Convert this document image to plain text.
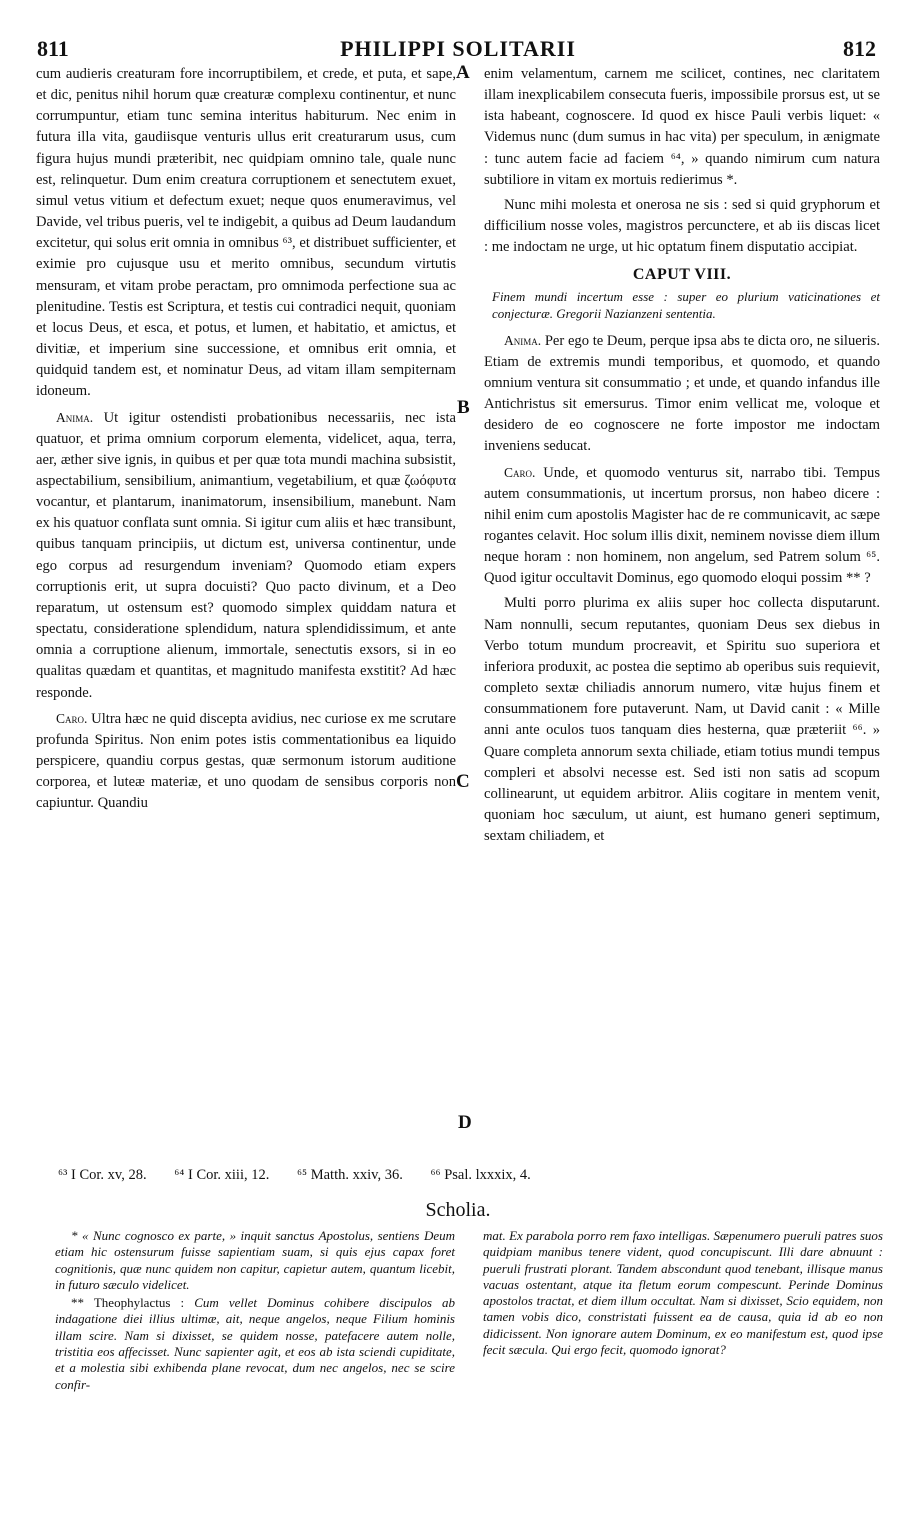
811	PHILIPPI SOLITARII	812
A
B
C
D

cum audieris creaturam fore incorruptibilem, et crede, et puta, et sape, et dic, penitus nihil horum quæ creaturæ complexu continentur, et nunc corrumpuntur, etiam tunc semina interitus habiturum. Nec enim in futura illa vita, gaudiisque venturis ullus erit creaturarum usus, cum figura hujus mundi præteribit, nec quidpiam omnino tale, quale nunc est, relinquetur. Dum enim creatura corruptionem et senectutem exuet, simul vetus vitium et defectum exuet; neque quos enumeravimus, vel Davide, vel tribus pueris, vel te indigebit, a quibus ad Deum laudandum excitetur, qui solus erit omnia in omnibus ⁶³, et distribuet sufficienter, et eximie pro cujusque usu et merito omnibus, secundum virtutis mensuram, et vitam probe peractam, pro omnimoda perfectione sua ac plenitudine. Testis est Scriptura, et testis cui contradici nequit, quoniam et locus Deus, et esca, et potus, et lumen, et habitatio, et amictus, et divitiæ, et imperium sine successione, et omnibus erit omnia, et quidquid tandem est, et nominatur Deus, ad vitam illam sempiternam idoneum.

Anima. Ut igitur ostendisti probationibus necessariis, nec ista quatuor, et prima omnium corporum elementa, videlicet, aqua, terra, aer, æther sive ignis, in quibus et per quæ tota mundi machina subsistit, aspectabilium, sensibilium, animantium, vegetabilium, et quæ ζωόφυτα vocantur, et plantarum, inanimatorum, insensibilium, manebunt. Nam ex his quatuor conflata sunt omnia. Si igitur cum aliis et hæc transibunt, quibus tanquam principiis, ut dictum est, universa continentur, unde ego corpus ad resurgendum inveniam? Quomodo etiam expers corruptionis erit, ut supra docuisti? Quo pacto divinum, et a Deo reparatum, ut ostensum est? quomodo simplex quiddam natura et spectatu, consideratione splendidum, natura splendidissimum, et ante omnia a corruptione alienum, immortale, senectutis exsors, si in eo qualitas quædam et quantitas, et magnitudo manifesta exstitit? Ad hæc responde.

Caro. Ultra hæc ne quid discepta avidius, nec curiose ex me scrutare profunda Spiritus. Non enim potes istis commentationibus ea liquido perspicere, quandiu corpus gestas, quæ sermonum istorum auditione corporea, et luteæ materiæ, et uno quodam de sensibus corporis non capiuntur. Quandiu

enim velamentum, carnem me scilicet, contines, nec claritatem illam inexplicabilem consecuta fueris, impossibile prorsus est, ut se ista habeant, cognoscere. Id quod ex hisce Pauli verbis liquet: « Videmus nunc (dum sumus in hac vita) per speculum, in ænigmate : tunc autem facie ad faciem ⁶⁴, » quando nimirum cum natura subtiliore in vitam ex mortuis redierimus *.

Nunc mihi molesta et onerosa ne sis : sed si quid gryphorum et difficilium nosse voles, magistros percunctere, et ab iis discas licet : me indoctam ne urge, ut hic optatum finem disputatio accipiat.

CAPUT VIII.
Finem mundi incertum esse : super eo plurium vaticinationes et conjecturæ. Gregorii Nazianzeni sententia.

Anima. Per ego te Deum, perque ipsa abs te dicta oro, ne silueris. Etiam de extremis mundi temporibus, et quomodo, et quando omnium ventura sit consummatio ; et unde, et quando infandus ille Antichristus sit emersurus. Timor enim vellicat me, voloque et desidero de eo cognoscere ne forte impostor me indoctam inveniens seducat.

Caro. Unde, et quomodo venturus sit, narrabo tibi. Tempus autem consummationis, ut incertum prorsus, non habeo dicere : nihil enim cum apostolis Magister hac de re communicavit, ac sæpe rogantes celavit. Hoc solum illis dixit, neminem novisse diem illum neque horam : non hominem, non angelum, sed Patrem solum ⁶⁵. Quod igitur occultavit Dominus, ego quomodo eloqui possim ** ?

Multi porro plurima ex aliis super hoc collecta disputarunt. Nam nonnulli, secum reputantes, quoniam Deus sex diebus in Verbo totum mundum procreavit, et Spiritu suo superiora et inferiora produxit, ac postea die septimo ab operibus suis requievit, completo sextæ chiliadis annorum numero, vitæ hujus finem et consummationem fore putaverunt. Nam, ut David canit : « Mille anni ante oculos tuos tanquam dies hesterna, quæ præteriit ⁶⁶. » Quare completa annorum sexta chiliade, etiam totius mundi tempus compleri et absolvi necesse est. Sed isti non satis ad scopum collinearunt, ut equidem arbitror. Aliis cogitare in mentem venit, quoniam hoc sæculum, ut aiunt, est humano generi septimum, sextam chiliadem, et

⁶³ I Cor. xv, 28. ⁶⁴ I Cor. xiii, 12. ⁶⁵ Matth. xxiv, 36. ⁶⁶ Psal. lxxxix, 4.
Scholia.

* « Nunc cognosco ex parte, » inquit sanctus Apostolus, sentiens Deum etiam hic ostensurum fuisse sapientiam suam, si quis ejus capax foret cognitionis, quæ nunc quidem non capitur, capietur autem, quantum licebit, in futuro sæculo videlicet.

** Theophylactus : Cum vellet Dominus cohibere discipulos ab indagatione diei illius ultimæ, ait, neque angelos, neque Filium hominis illam scire. Nam si dixisset, se quidem nosse, patefacere autem nolle, tristitia eos affecisset. Nunc sapienter agit, et eos ab ista sciendi cupiditate, et a molestia sibi exhibenda plane revocat, dum nec angelos, nec se scire confir-

mat. Ex parabola porro rem faxo intelligas. Sæpenumero pueruli patres suos quidpiam manibus tenere vident, quod concupiscunt. Illi dare abnuunt : pueruli frustrati plorant. Tandem abscondunt quod tenebant, illisque manus vacuas ostentant, atque ita fletum eorum compescunt. Perinde Dominus apostolos tractat, et diem illum occultat. Nam si dixisset, Scio equidem, non tamen vobis dico, constristati fuissent ea de causa, quia id ab eo non didicissent. Non ignorare autem Dominum, ex eo manifestum est, quod ipse fecit sæcula. Qui ergo fecit, quomodo ignorat?
